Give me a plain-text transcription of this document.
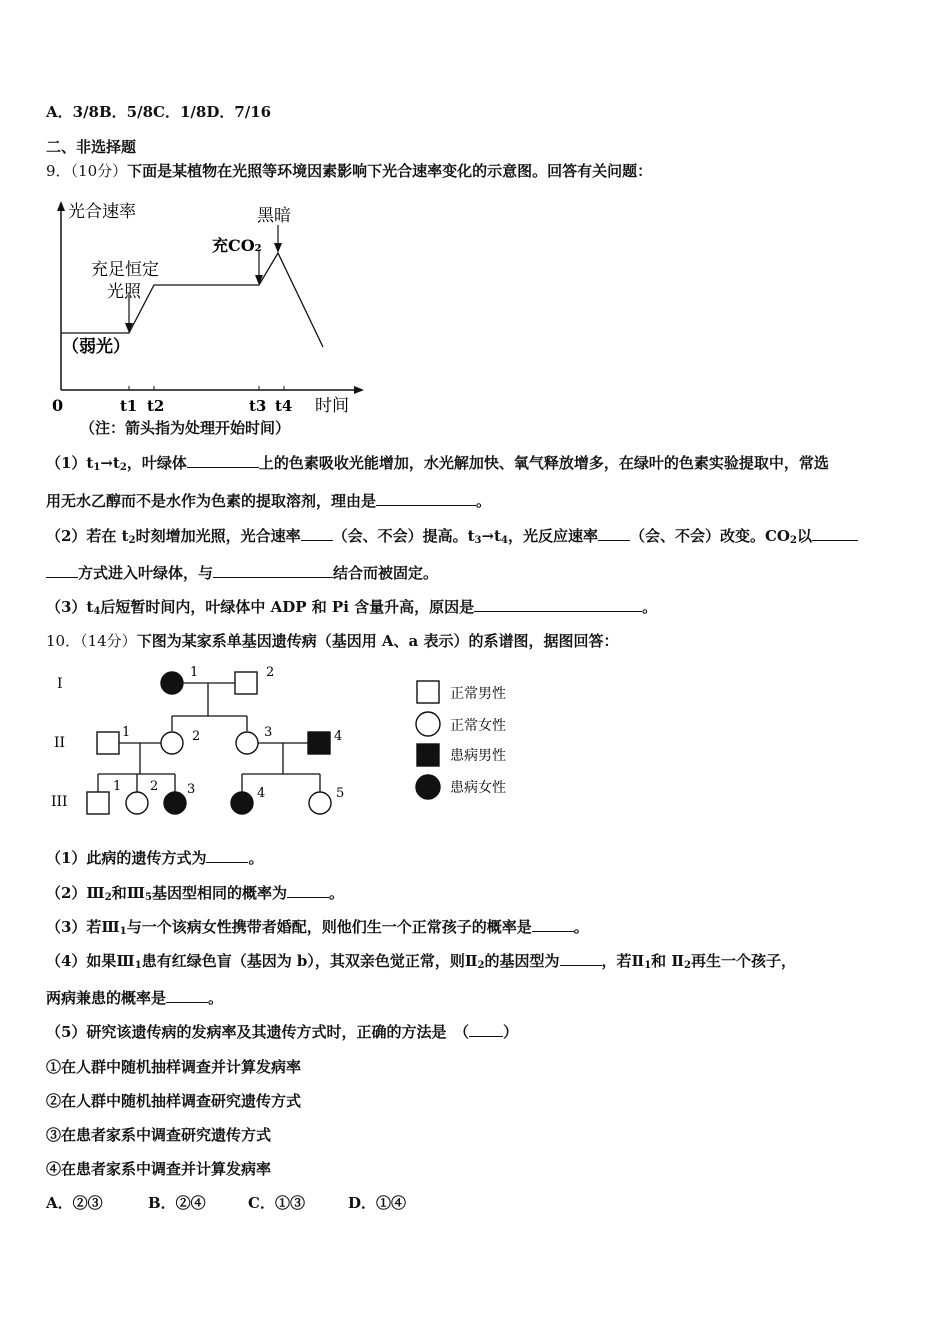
A．3/8B．5/8C．1/8D．7/16
二、非选择题
9．（10分）下面是某植物在光照等环境因素影响下光合速率变化的示意图。回答有关问题：
光合速率	黑暗
充CO₂
充足恒定
光照
（弱光）
0	t1 t2	t3 t4 时间
（注：箭头指为处理开始时间）
$(1)t_1\to t_2$，叶绿体	上的色素吸收光能增加，水光解加快、氧气释放增多，在绿叶的色素实验提取中，常选
用无水乙醇而不是水作为色素的提取溶剂，理由是	。
（2）若在 $t_2$时刻增加光照，光合速率 （会、不会）提高。$t_3\to t_4$，光反应速率 （会、不会）改变。$CO_2$以
方式进入叶绿体，与	结合而被固定。
$(3)t_4$后短暂时间内，叶绿体中 ADP 和 Pi 含量升高，原因是	。
10．（14分）下图为某家系单基因遗传病（基因用 A、a 表示）的系谱图，据图回答：
I
II
III
1	2
1	2	3	4
1 2 3	4	5
正常男性
正常女性
患病男性
患病女性
（1）此病的遗传方式为	。
$(2)Ⅲ_2$和$Ⅲ_5$基因型相同的概率为	。
（3）若$Ⅲ_1$与一个该病女性携带者婚配，则他们生一个正常孩子的概率是	。
（4）如果$Ⅲ_1$患有红绿色盲（基因为 b），其双亲色觉正常，则$Ⅱ_2$的基因型为	，若$Ⅱ_1$和 $Ⅱ_2$再生一个孩子，
两病兼患的概率是	。
（5）研究该遗传病的发病率及其遗传方式时，正确的方法是　（ ）
①在人群中随机抽样调查并计算发病率
②在人群中随机抽样调查研究遗传方式
③在患者家系中调查研究遗传方式
④在患者家系中调查并计算发病率
A．②③	B．②④	C．①③	D．①④
